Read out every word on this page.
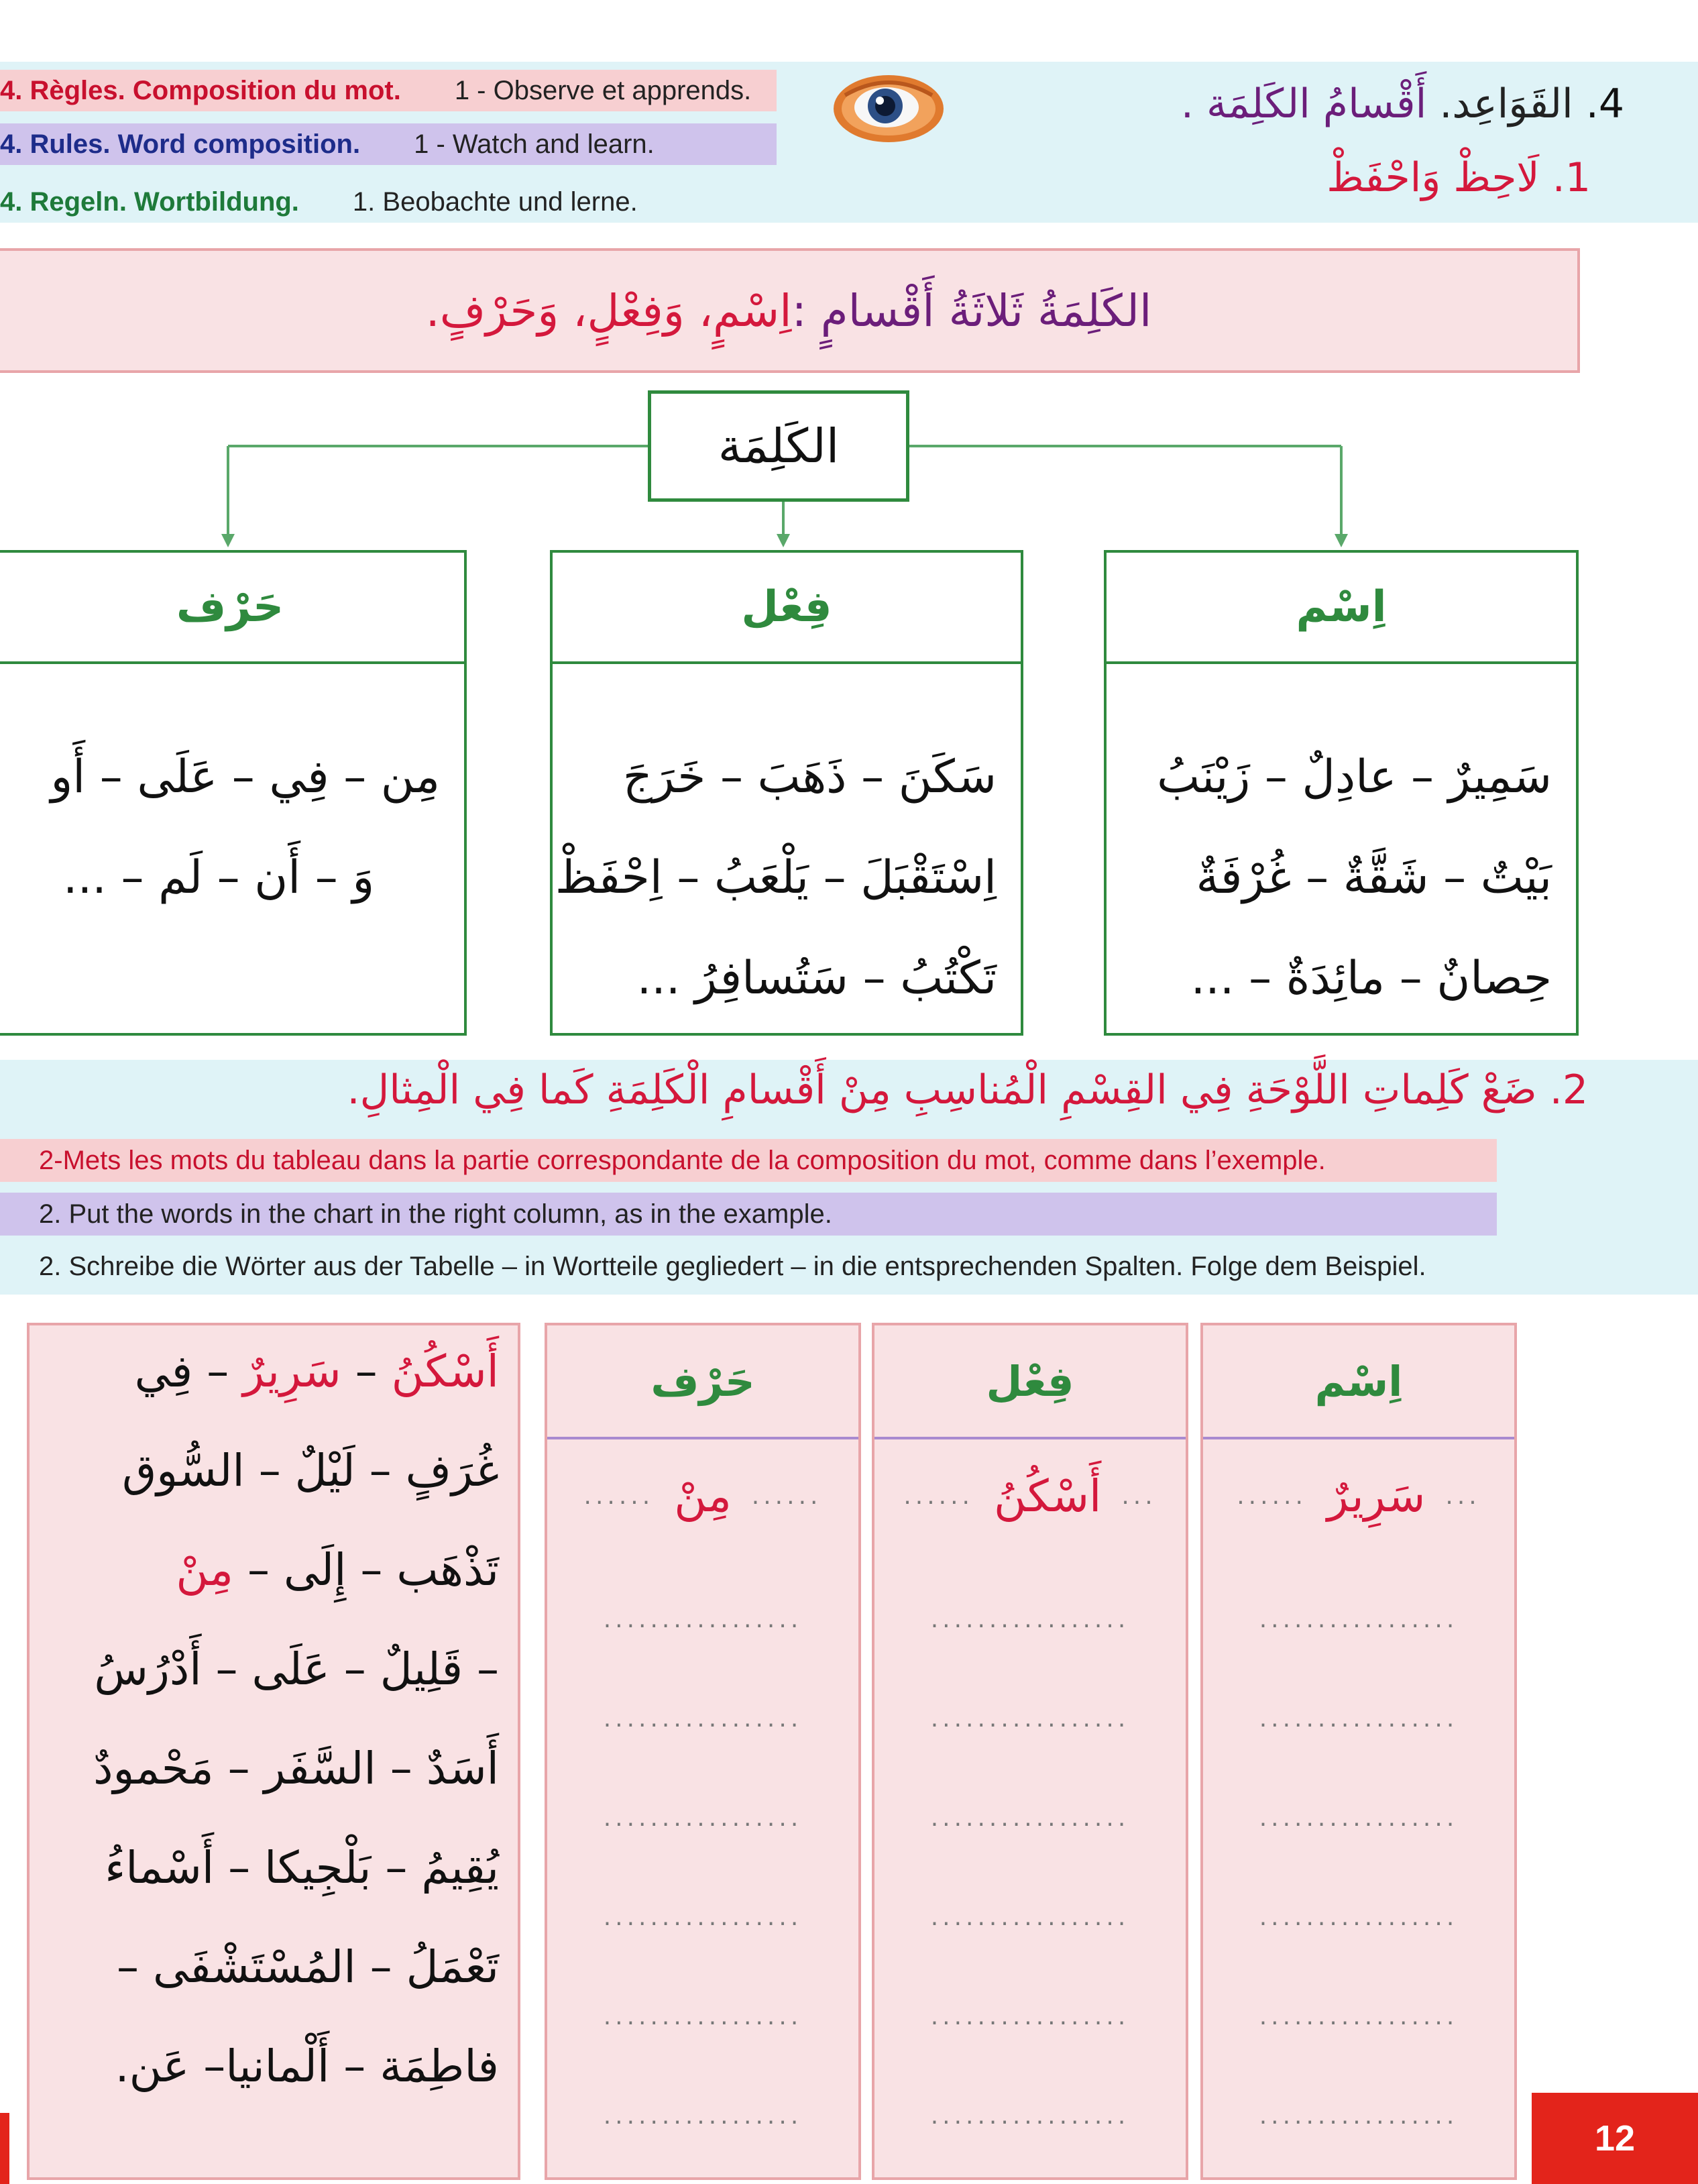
4. Règles. Composition du mot. 1 - Observe et apprends.
4. Rules. Word composition. 1 - Watch and learn.
4. Regeln. Wortbildung. 1. Beobachte und lerne.
4. القَوَاعِد. أَقْسامُ الكَلِمَة .
1. لَاحِظْ وَاحْفَظْ
الكَلِمَةُ ثَلاثَةُ أَقْسامٍ :
اِسْمٍ، وَفِعْلٍ، وَحَرْفٍ.
الكَلِمَة
اِسْم
سَمِيرٌ – عادِلٌ – زَيْنَبُ
بَيْتٌ – شَقَّةٌ – غُرْفَةٌ
حِصانٌ – مائِدَةٌ – ...
فِعْل
سَكَنَ – ذَهَبَ – خَرَجَ
اِسْتَقْبَلَ – يَلْعَبُ – اِحْفَظْ
تَكْتُبُ – سَتُسافِرُ ...
حَرْف
مِن – فِي – عَلَى – أَو
وَ – أَن – لَم – ...
2. ضَعْ كَلِماتِ اللَّوْحَةِ فِي القِسْمِ الْمُناسِبِ مِنْ أَقْسامِ الْكَلِمَةِ كَما فِي الْمِثالِ.
2-Mets les mots du tableau dans la partie correspondante de la composition du mot, comme dans l’exemple.
2. Put the words in the chart in the right column, as in the example.
2. Schreibe die Wörter aus der Tabelle – in Wortteile gegliedert – in die entsprechenden Spalten. Folge dem Beispiel.
أَسْكُنُ – سَرِيرٌ – فِي
غُرَفٍ – لَيْلٌ – السُّوق
تَذْهَب – إِلَى – مِنْ
– قَلِيلٌ – عَلَى – أَدْرُسُ
أَسَدٌ – السَّفَر – مَحْمودٌ
يُقِيمُ – بَلْجِيكا – أَسْماءُ
تَعْمَلُ – المُسْتَشْفَى –
فاطِمَة – أَلْمانيا– عَن.
اِسْم
...... سَرِيرٌ ...
.................
.................
.................
.................
.................
.................
فِعْل
...... أَسْكُنُ ...
.................
.................
.................
.................
.................
.................
حَرْف
...... مِنْ ......
.................
.................
.................
.................
.................
.................
12
